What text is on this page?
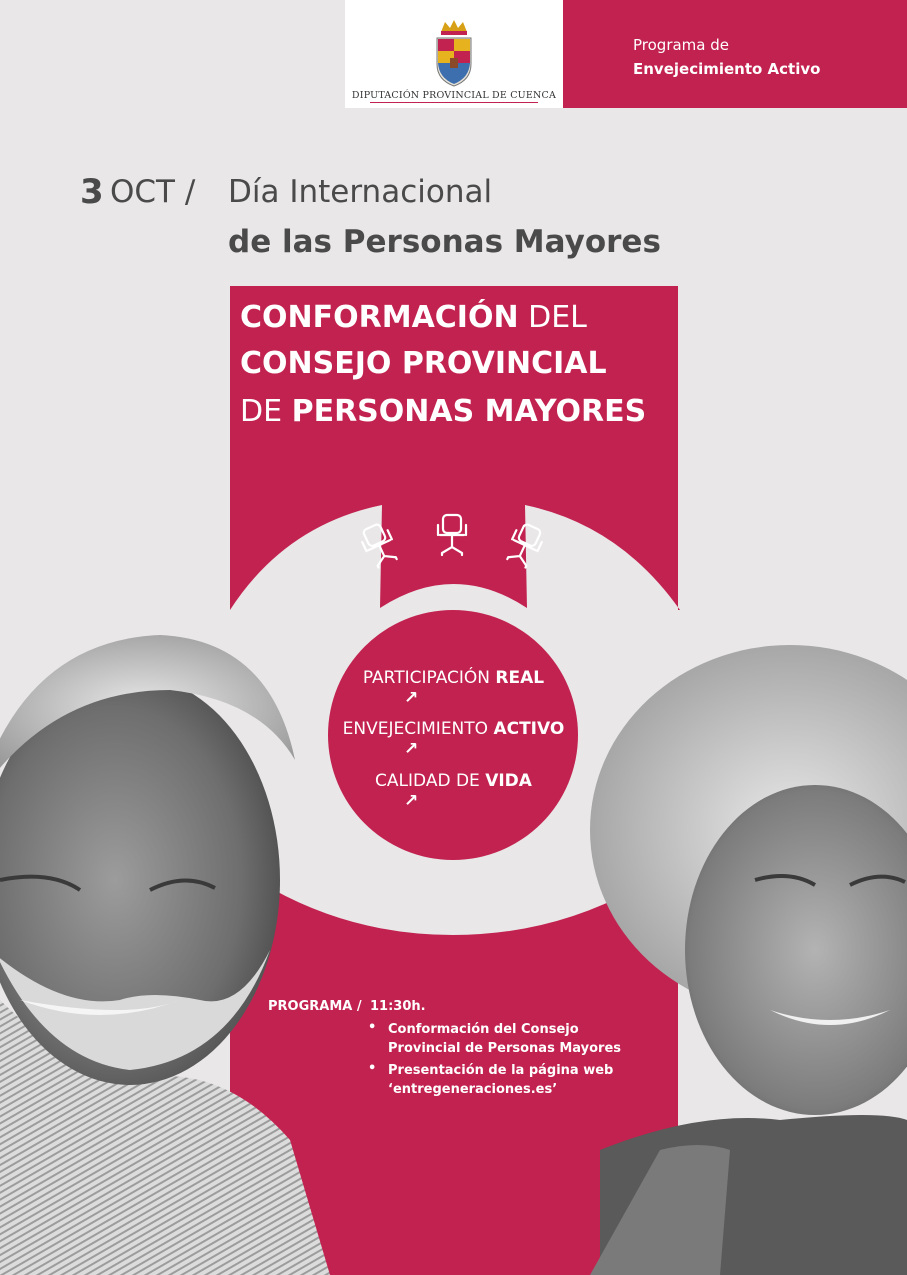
DIPUTACIÓN PROVINCIAL DE CUENCA
Programa de
Envejecimiento Activo
3 OCT / Día Internacional
de las Personas Mayores
CONFORMACIÓN DEL
CONSEJO PROVINCIAL
DE PERSONAS MAYORES
PARTICIPACIÓN REAL
↗
ENVEJECIMIENTO ACTIVO
↗
CALIDAD DE VIDA
↗
PROGRAMA / 11:30h.
• Conformación del Consejo
Provincial de Personas Mayores
• Presentación de la página web
‘entregeneraciones.es’
